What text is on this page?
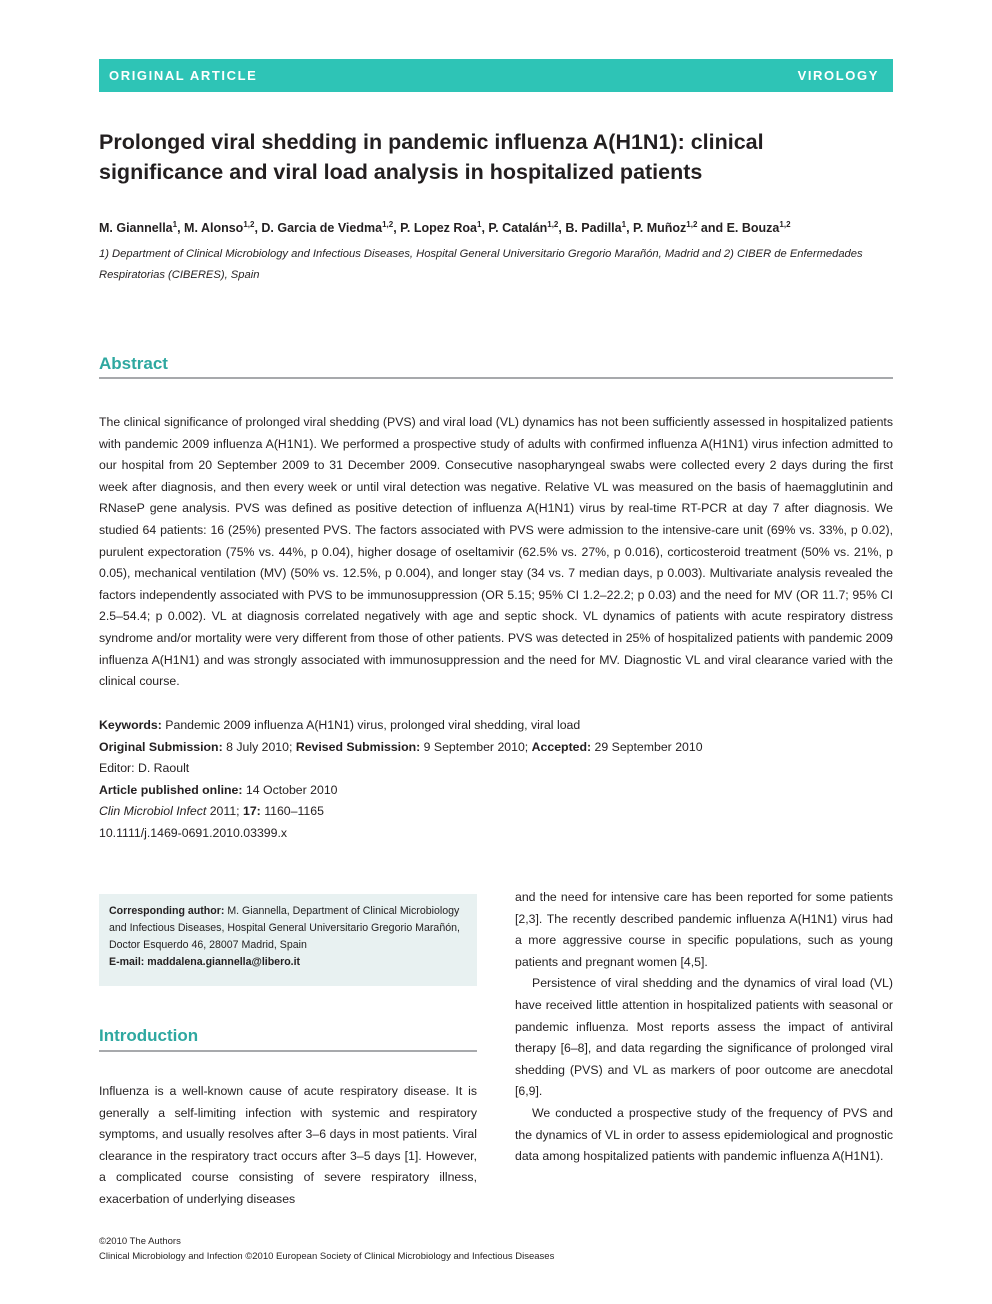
ORIGINAL ARTICLE	VIROLOGY
Prolonged viral shedding in pandemic influenza A(H1N1): clinical significance and viral load analysis in hospitalized patients

M. Giannella$^1$, M. Alonso$^{1,2}$, D. Garcia de Viedma$^{1,2}$, P. Lopez Roa$^1$, P. Catalán$^{1,2}$, B. Padilla$^1$, P. Muñoz$^{1,2}$ and E. Bouza$^{1,2}$

1) Department of Clinical Microbiology and Infectious Diseases, Hospital General Universitario Gregorio Marañón, Madrid and 2) CIBER de Enfermedades Respiratorias (CIBERES), Spain

Abstract

The clinical significance of prolonged viral shedding (PVS) and viral load (VL) dynamics has not been sufficiently assessed in hospitalized patients with pandemic 2009 influenza A(H1N1). We performed a prospective study of adults with confirmed influenza A(H1N1) virus infection admitted to our hospital from 20 September 2009 to 31 December 2009. Consecutive nasopharyngeal swabs were collected every 2 days during the first week after diagnosis, and then every week or until viral detection was negative. Relative VL was measured on the basis of haemagglutinin and RNaseP gene analysis. PVS was defined as positive detection of influenza A(H1N1) virus by real-time RT-PCR at day 7 after diagnosis. We studied 64 patients: 16 (25%) presented PVS. The factors associated with PVS were admission to the intensive-care unit (69% vs. 33%, p 0.02), purulent expectoration (75% vs. 44%, p 0.04), higher dosage of oseltamivir (62.5% vs. 27%, p 0.016), corticosteroid treatment (50% vs. 21%, p 0.05), mechanical ventilation (MV) (50% vs. 12.5%, p 0.004), and longer stay (34 vs. 7 median days, p 0.003). Multivariate analysis revealed the factors independently associated with PVS to be immunosuppression (OR 5.15; 95% CI 1.2–22.2; p 0.03) and the need for MV (OR 11.7; 95% CI 2.5–54.4; p 0.002). VL at diagnosis correlated negatively with age and septic shock. VL dynamics of patients with acute respiratory distress syndrome and/or mortality were very different from those of other patients. PVS was detected in 25% of hospitalized patients with pandemic 2009 influenza A(H1N1) and was strongly associated with immunosuppression and the need for MV. Diagnostic VL and viral clearance varied with the clinical course.

Keywords: Pandemic 2009 influenza A(H1N1) virus, prolonged viral shedding, viral load
Original Submission: 8 July 2010; Revised Submission: 9 September 2010; Accepted: 29 September 2010
Editor: D. Raoult
Article published online: 14 October 2010
Clin Microbiol Infect 2011; 17: 1160–1165
10.1111/j.1469-0691.2010.03399.x
Corresponding author: M. Giannella, Department of Clinical Microbiology and Infectious Diseases, Hospital General Universitario Gregorio Marañón, Doctor Esquerdo 46, 28007 Madrid, Spain
E-mail: maddalena.giannella@libero.it
Introduction

Influenza is a well-known cause of acute respiratory disease. It is generally a self-limiting infection with systemic and respiratory symptoms, and usually resolves after 3–6 days in most patients. Viral clearance in the respiratory tract occurs after 3–5 days [1]. However, a complicated course consisting of severe respiratory illness, exacerbation of underlying diseases

and the need for intensive care has been reported for some patients [2,3]. The recently described pandemic influenza A(H1N1) virus had a more aggressive course in specific populations, such as young patients and pregnant women [4,5].

Persistence of viral shedding and the dynamics of viral load (VL) have received little attention in hospitalized patients with seasonal or pandemic influenza. Most reports assess the impact of antiviral therapy [6–8], and data regarding the significance of prolonged viral shedding (PVS) and VL as markers of poor outcome are anecdotal [6,9].

We conducted a prospective study of the frequency of PVS and the dynamics of VL in order to assess epidemiological and prognostic data among hospitalized patients with pandemic influenza A(H1N1).

©2010 The Authors
Clinical Microbiology and Infection ©2010 European Society of Clinical Microbiology and Infectious Diseases
